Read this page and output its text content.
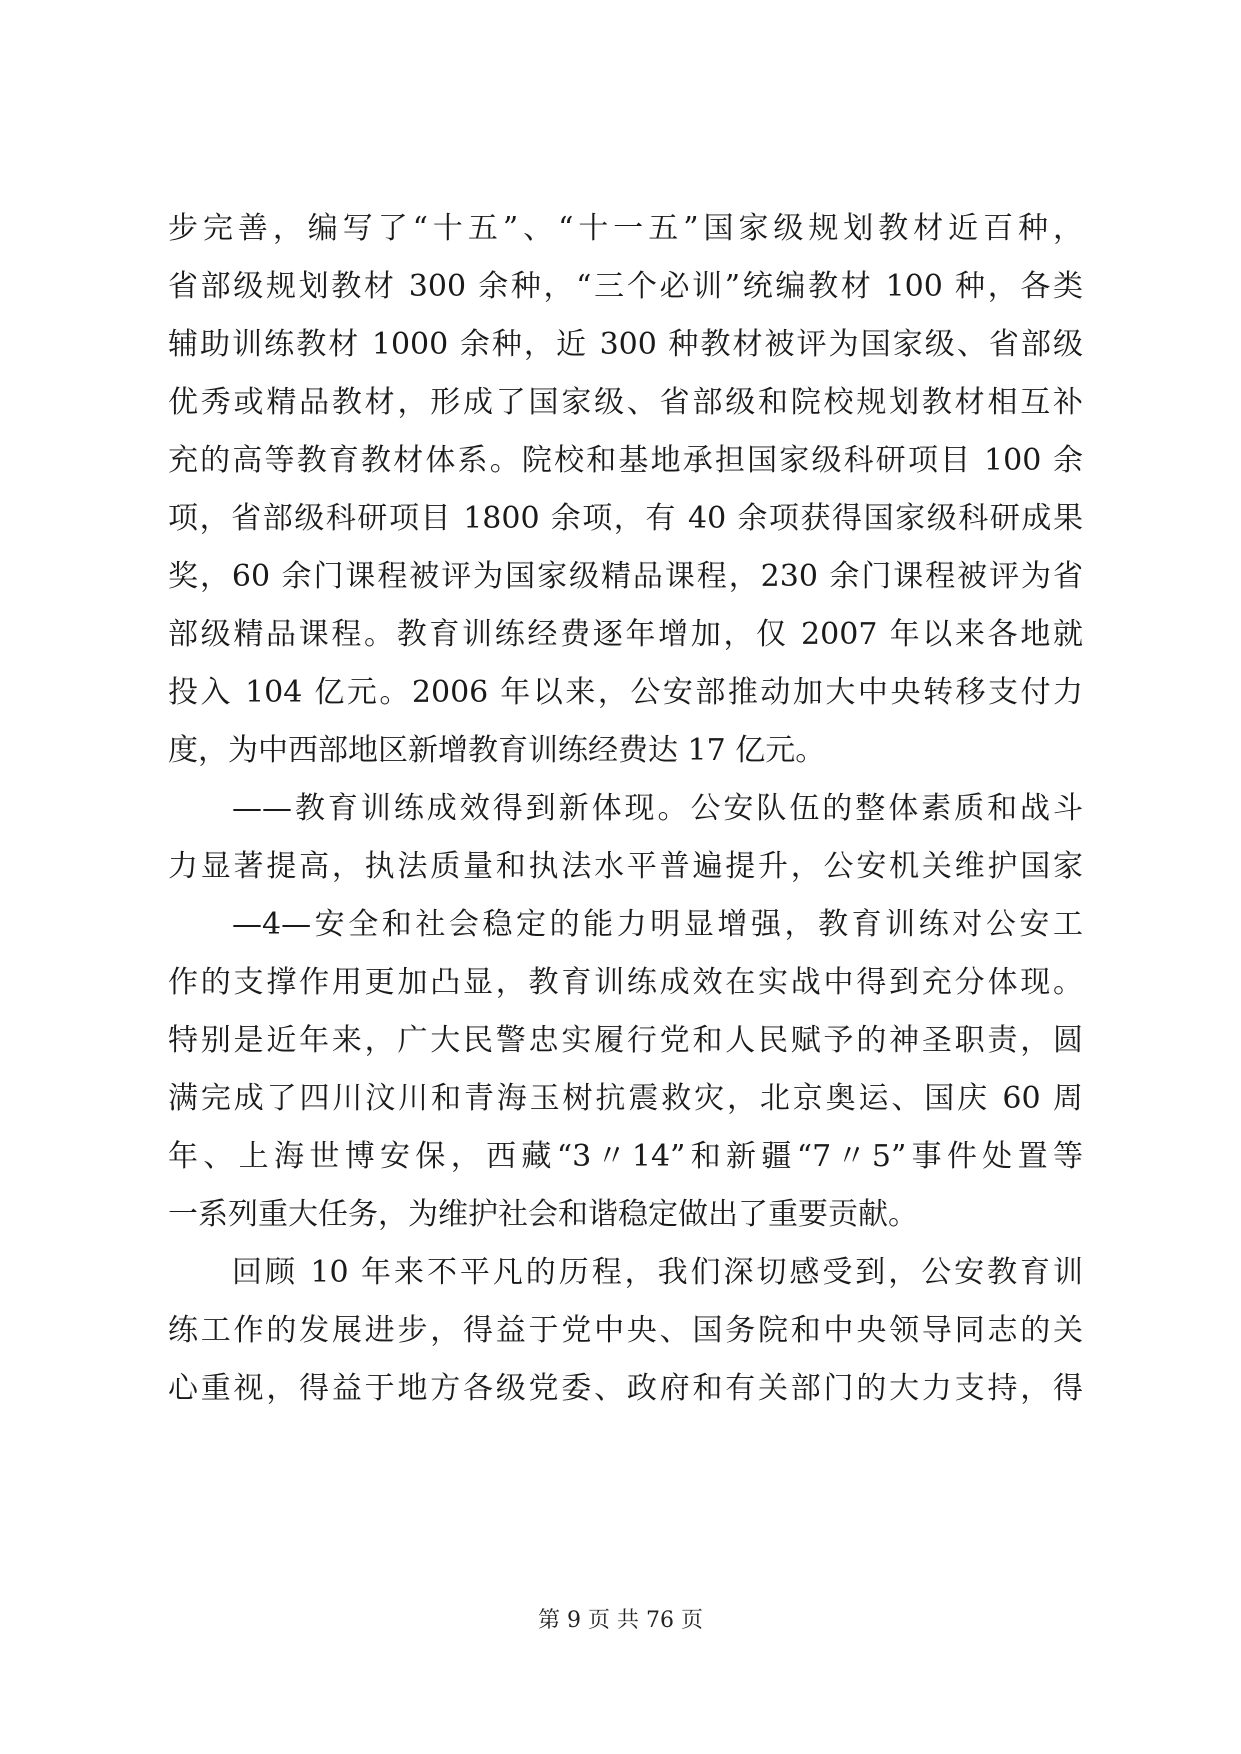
步完善，编写了“十五”、“十一五”国家级规划教材近百种，
省部级规划教材 300 余种，“三个必训”统编教材 100 种，各类
辅助训练教材 1000 余种，近 300 种教材被评为国家级、省部级
优秀或精品教材，形成了国家级、省部级和院校规划教材相互补
充的高等教育教材体系。院校和基地承担国家级科研项目 100 余
项，省部级科研项目 1800 余项，有 40 余项获得国家级科研成果
奖，60 余门课程被评为国家级精品课程，230 余门课程被评为省
部级精品课程。教育训练经费逐年增加，仅 2007 年以来各地就
投入 104 亿元。2006 年以来，公安部推动加大中央转移支付力
度，为中西部地区新增教育训练经费达 17 亿元。
——教育训练成效得到新体现。公安队伍的整体素质和战斗
力显著提高，执法质量和执法水平普遍提升，公安机关维护国家
—4—安全和社会稳定的能力明显增强，教育训练对公安工
作的支撑作用更加凸显，教育训练成效在实战中得到充分体现。
特别是近年来，广大民警忠实履行党和人民赋予的神圣职责，圆
满完成了四川汶川和青海玉树抗震救灾，北京奥运、国庆 60 周
年、上海世博安保，西藏“3〃14”和新疆“7〃5”事件处置等
一系列重大任务，为维护社会和谐稳定做出了重要贡献。
回顾 10 年来不平凡的历程，我们深切感受到，公安教育训
练工作的发展进步，得益于党中央、国务院和中央领导同志的关
心重视，得益于地方各级党委、政府和有关部门的大力支持，得
第 9 页 共 76 页
